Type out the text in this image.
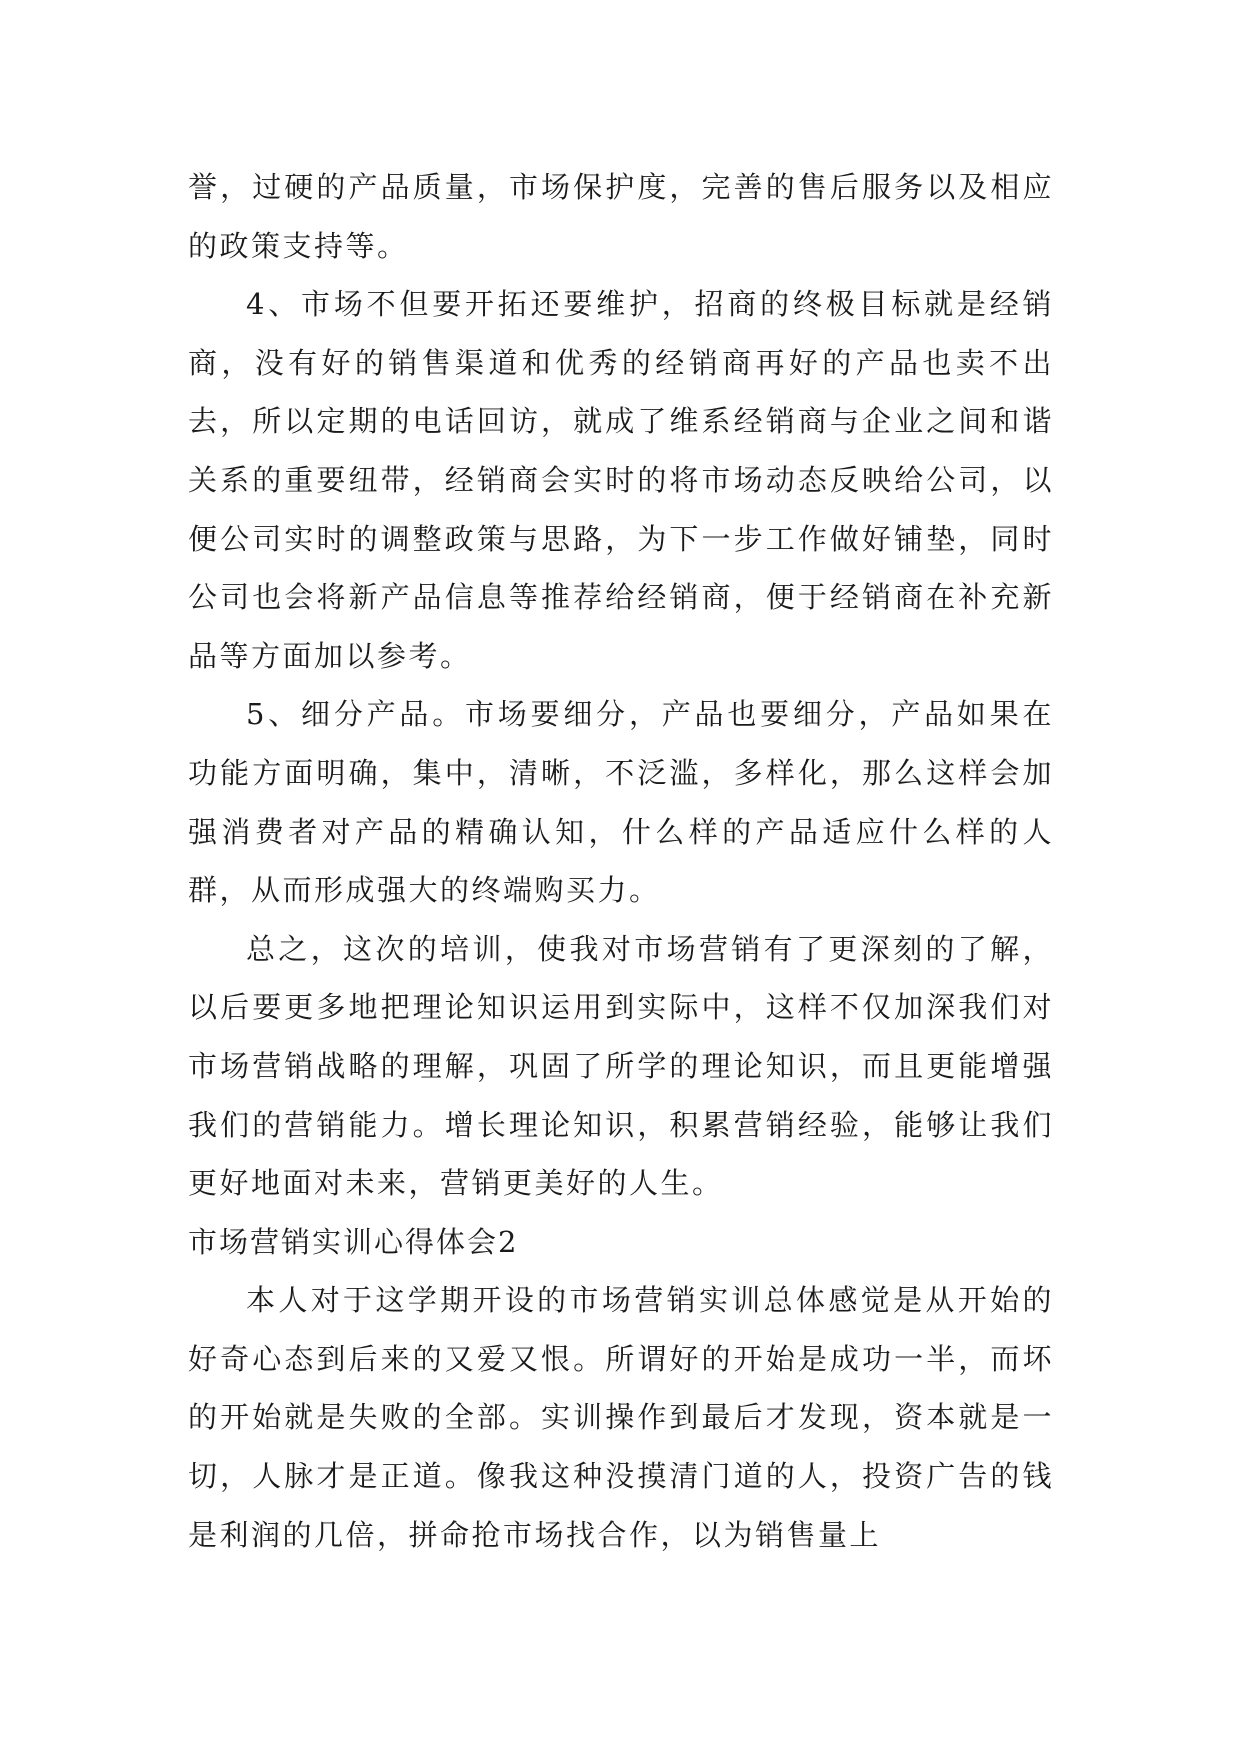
誉，过硬的产品质量，市场保护度，完善的售后服务以及相应的政策支持等。

4、市场不但要开拓还要维护，招商的终极目标就是经销商，没有好的销售渠道和优秀的经销商再好的产品也卖不出去，所以定期的电话回访，就成了维系经销商与企业之间和谐关系的重要纽带，经销商会实时的将市场动态反映给公司，以便公司实时的调整政策与思路，为下一步工作做好铺垫，同时公司也会将新产品信息等推荐给经销商，便于经销商在补充新品等方面加以参考。

5、细分产品。市场要细分，产品也要细分，产品如果在功能方面明确，集中，清晰，不泛滥，多样化，那么这样会加强消费者对产品的精确认知，什么样的产品适应什么样的人群，从而形成强大的终端购买力。

总之，这次的培训，使我对市场营销有了更深刻的了解，以后要更多地把理论知识运用到实际中，这样不仅加深我们对市场营销战略的理解，巩固了所学的理论知识，而且更能增强我们的营销能力。增长理论知识，积累营销经验，能够让我们更好地面对未来，营销更美好的人生。

市场营销实训心得体会2

本人对于这学期开设的市场营销实训总体感觉是从开始的好奇心态到后来的又爱又恨。所谓好的开始是成功一半，而坏的开始就是失败的全部。实训操作到最后才发现，资本就是一切，人脉才是正道。像我这种没摸清门道的人，投资广告的钱是利润的几倍，拼命抢市场找合作，以为销售量上
